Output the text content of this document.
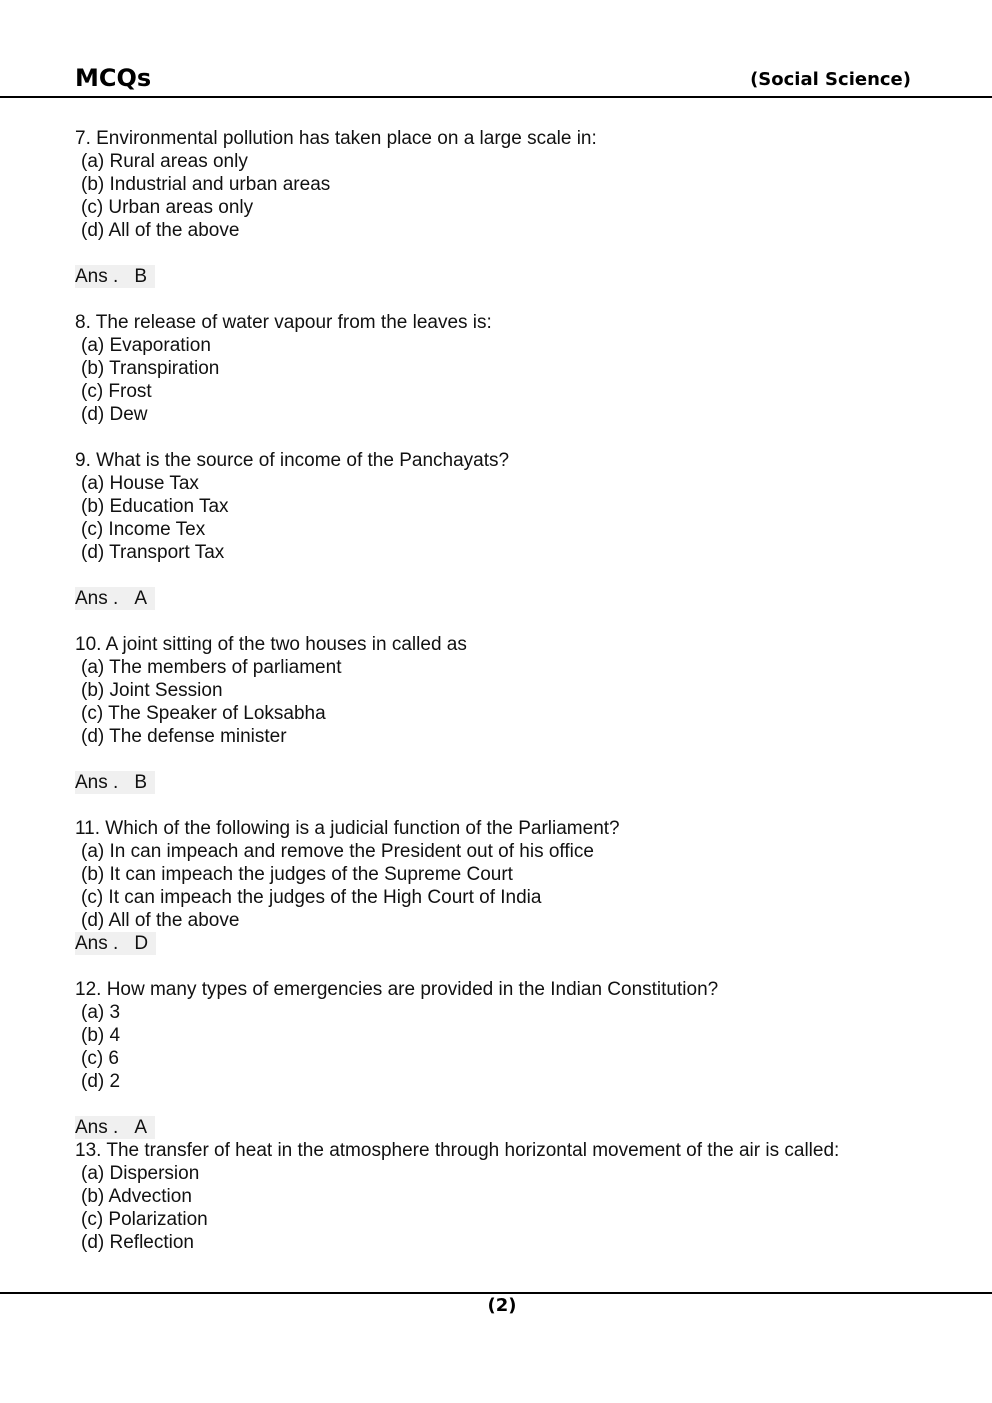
MCQs	(Social Science)
7. Environmental pollution has taken place on a large scale in:
(a) Rural areas only
(b) Industrial and urban areas
(c) Urban areas only
(d) All of the above
Ans . B
8. The release of water vapour from the leaves is:
(a) Evaporation
(b) Transpiration
(c) Frost
(d) Dew
9. What is the source of income of the Panchayats?
(a) House Tax
(b) Education Tax
(c) Income Tex
(d) Transport Tax
Ans . A
10. A joint sitting of the two houses in called as
(a) The members of parliament
(b) Joint Session
(c) The Speaker of Loksabha
(d) The defense minister
Ans . B
11. Which of the following is a judicial function of the Parliament?
(a) In can impeach and remove the President out of his office
(b) It can impeach the judges of the Supreme Court
(c) It can impeach the judges of the High Court of India
(d) All of the above
Ans . D
12. How many types of emergencies are provided in the Indian Constitution?
(a) 3
(b) 4
(c) 6
(d) 2
Ans . A
13. The transfer of heat in the atmosphere through horizontal movement of the air is called:
(a) Dispersion
(b) Advection
(c) Polarization
(d) Reflection
(2)
